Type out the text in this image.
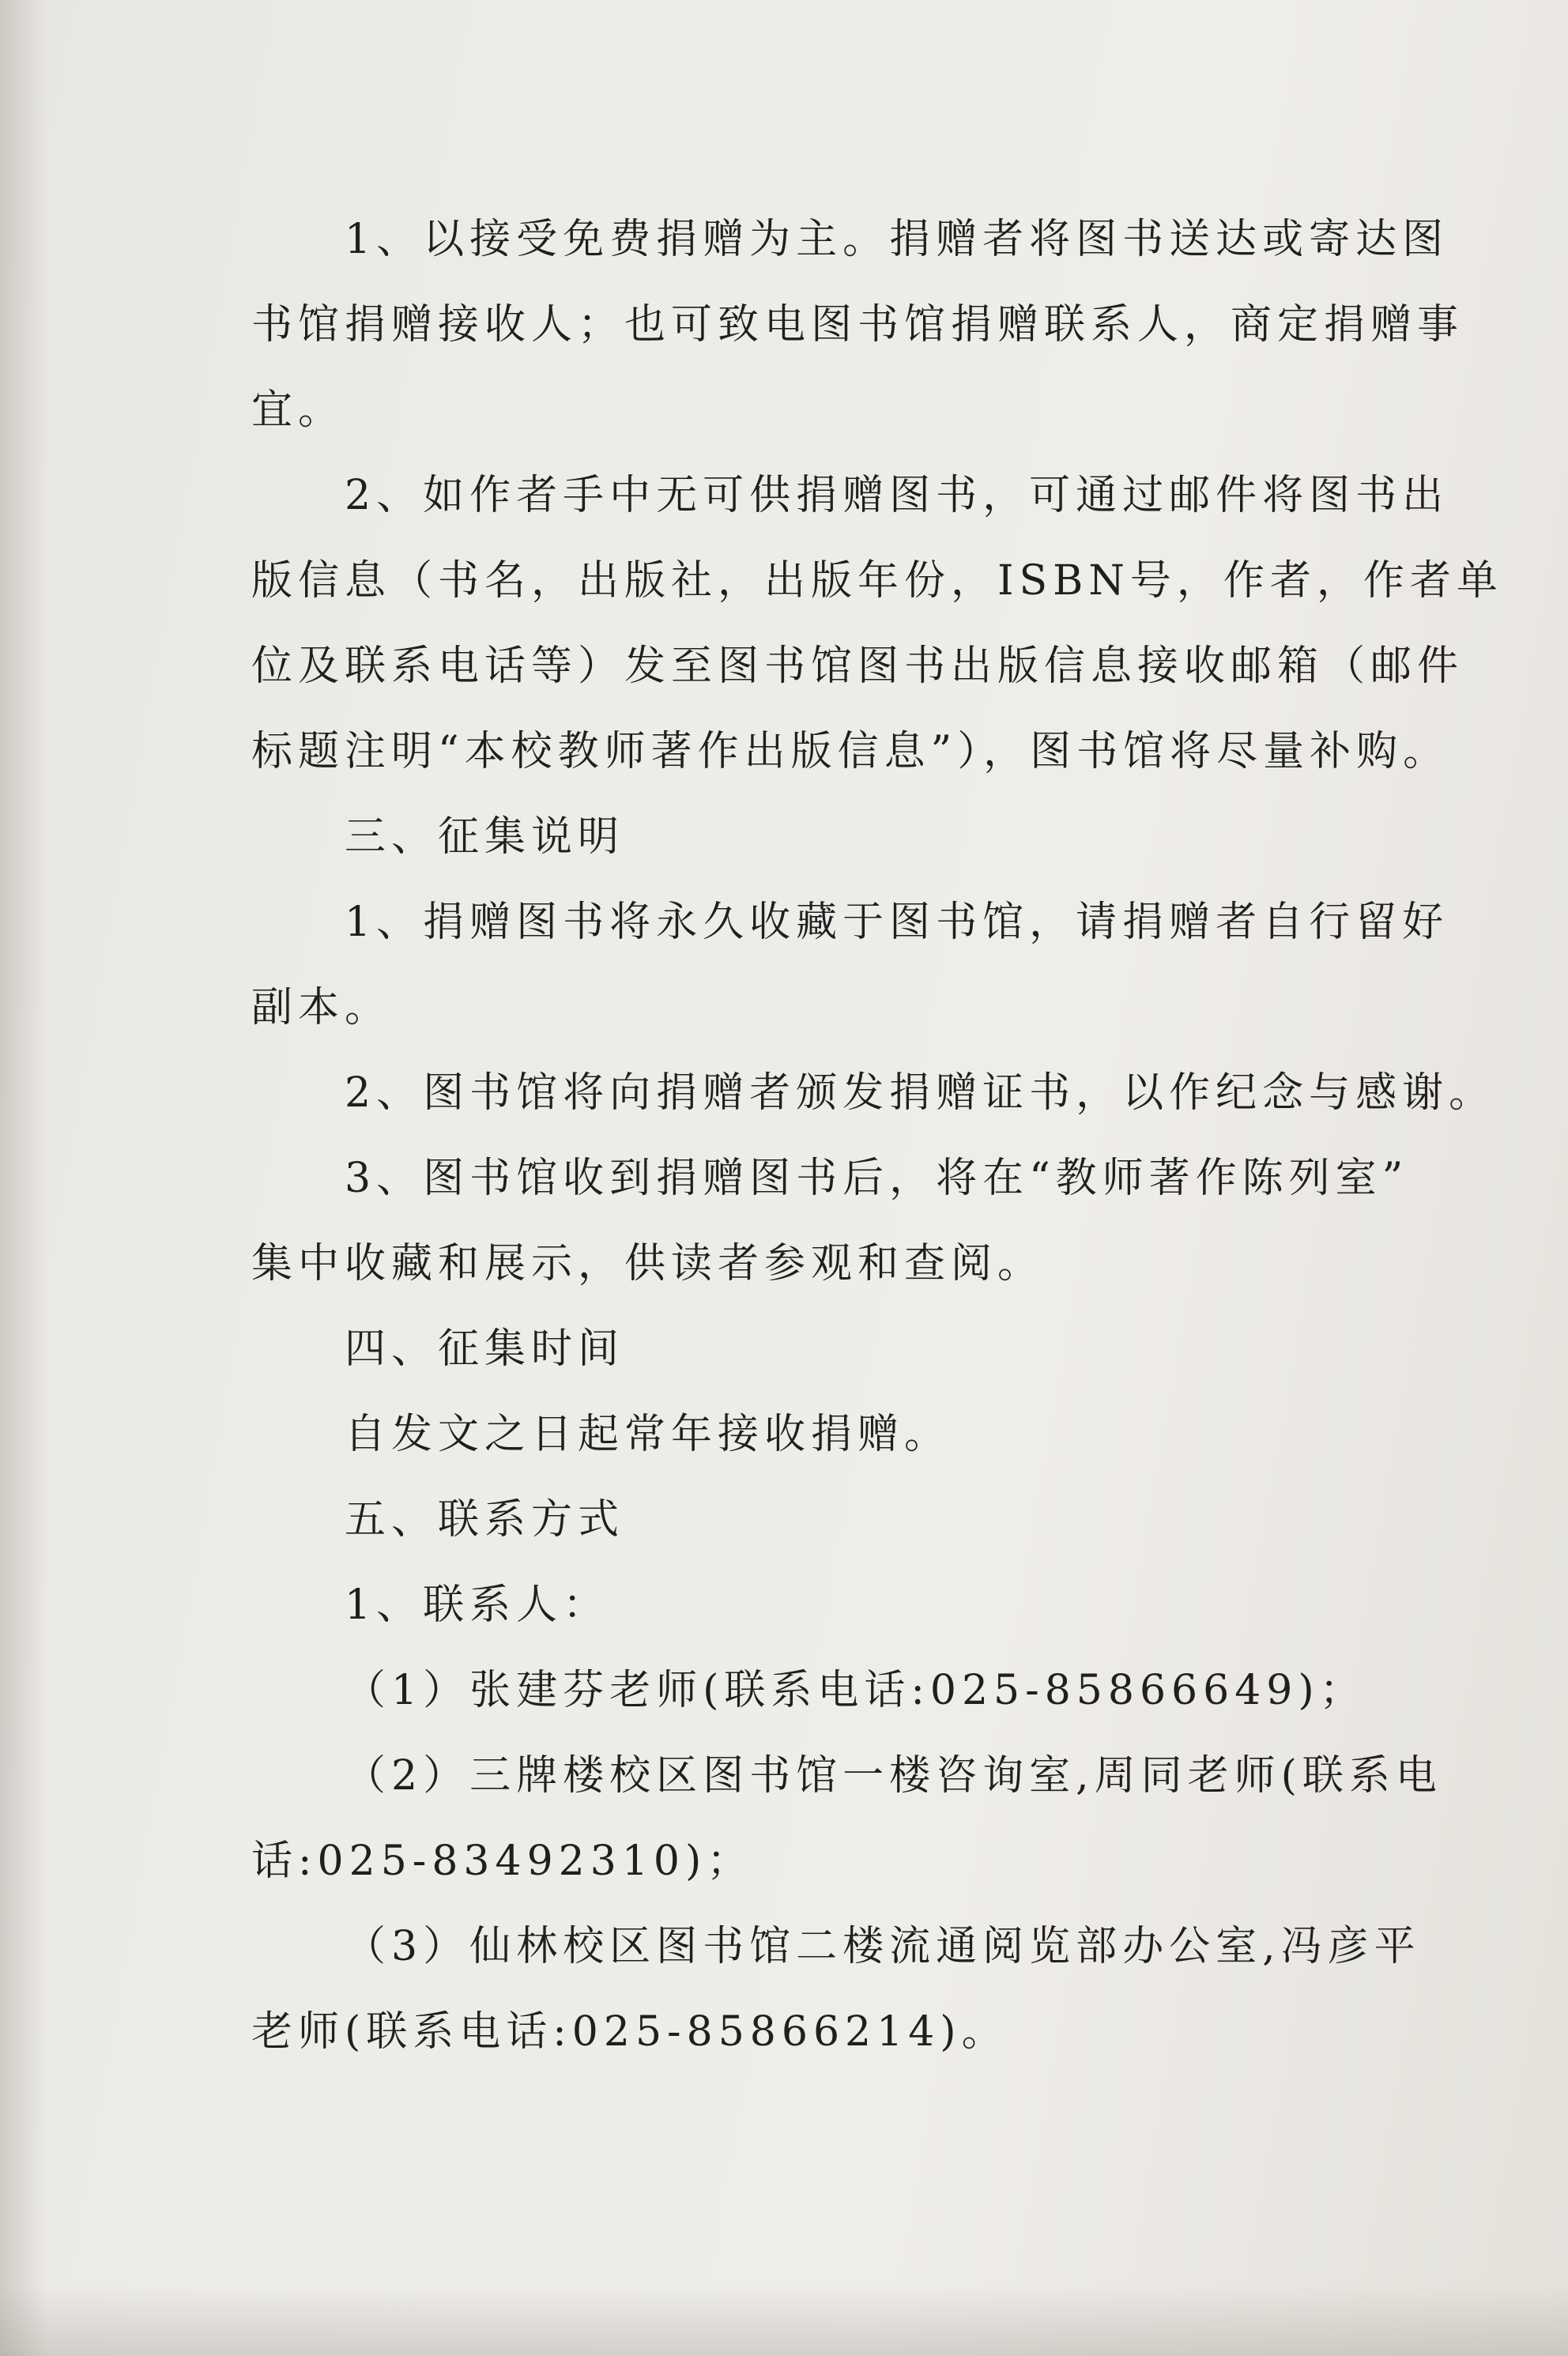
1、以接受免费捐赠为主。捐赠者将图书送达或寄达图
书馆捐赠接收人；也可致电图书馆捐赠联系人，商定捐赠事
宜。
2、如作者手中无可供捐赠图书，可通过邮件将图书出
版信息（书名，出版社，出版年份，ISBN号，作者，作者单
位及联系电话等）发至图书馆图书出版信息接收邮箱（邮件
标题注明“本校教师著作出版信息”），图书馆将尽量补购。
三、征集说明
1、捐赠图书将永久收藏于图书馆，请捐赠者自行留好
副本。
2、图书馆将向捐赠者颁发捐赠证书，以作纪念与感谢。
3、图书馆收到捐赠图书后，将在“教师著作陈列室”
集中收藏和展示，供读者参观和查阅。
四、征集时间
自发文之日起常年接收捐赠。
五、联系方式
1、联系人：
（1）张建芬老师(联系电话:025-85866649)；
（2）三牌楼校区图书馆一楼咨询室,周同老师(联系电
话:025-83492310)；
（3）仙林校区图书馆二楼流通阅览部办公室,冯彦平
老师(联系电话:025-85866214)。
